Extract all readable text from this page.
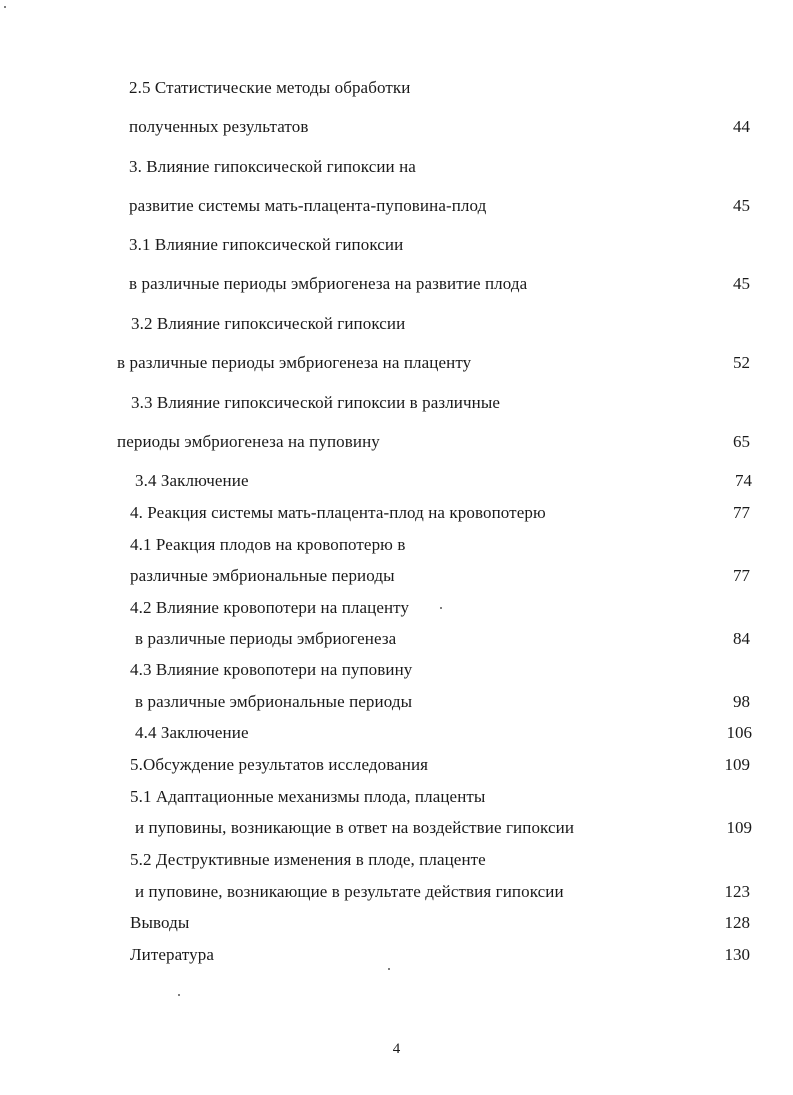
2.5 Статистические методы обработки
полученных результатов	44
3. Влияние гипоксической гипоксии на
развитие системы мать-плацента-пуповина-плод	45
3.1 Влияние гипоксической гипоксии
в различные периоды эмбриогенеза на развитие плода	45
3.2 Влияние гипоксической гипоксии
в различные периоды эмбриогенеза на плаценту	52
3.3 Влияние гипоксической гипоксии в различные
периоды эмбриогенеза на пуповину	65
3.4 Заключение	74
4. Реакция системы мать-плацента-плод на кровопотерю	77
4.1 Реакция плодов на кровопотерю в
различные эмбриональные периоды	77
4.2 Влияние кровопотери на плаценту
в различные периоды эмбриогенеза	84
4.3 Влияние кровопотери на пуповину
в различные эмбриональные периоды	98
4.4 Заключение	106
5.Обсуждение результатов исследования	109
5.1 Адаптационные механизмы плода, плаценты
и пуповины, возникающие в ответ на воздействие гипоксии	109
5.2 Деструктивные изменения в плоде, плаценте
и пуповине, возникающие в результате действия гипоксии	123
Выводы	128
Литература	130
4
